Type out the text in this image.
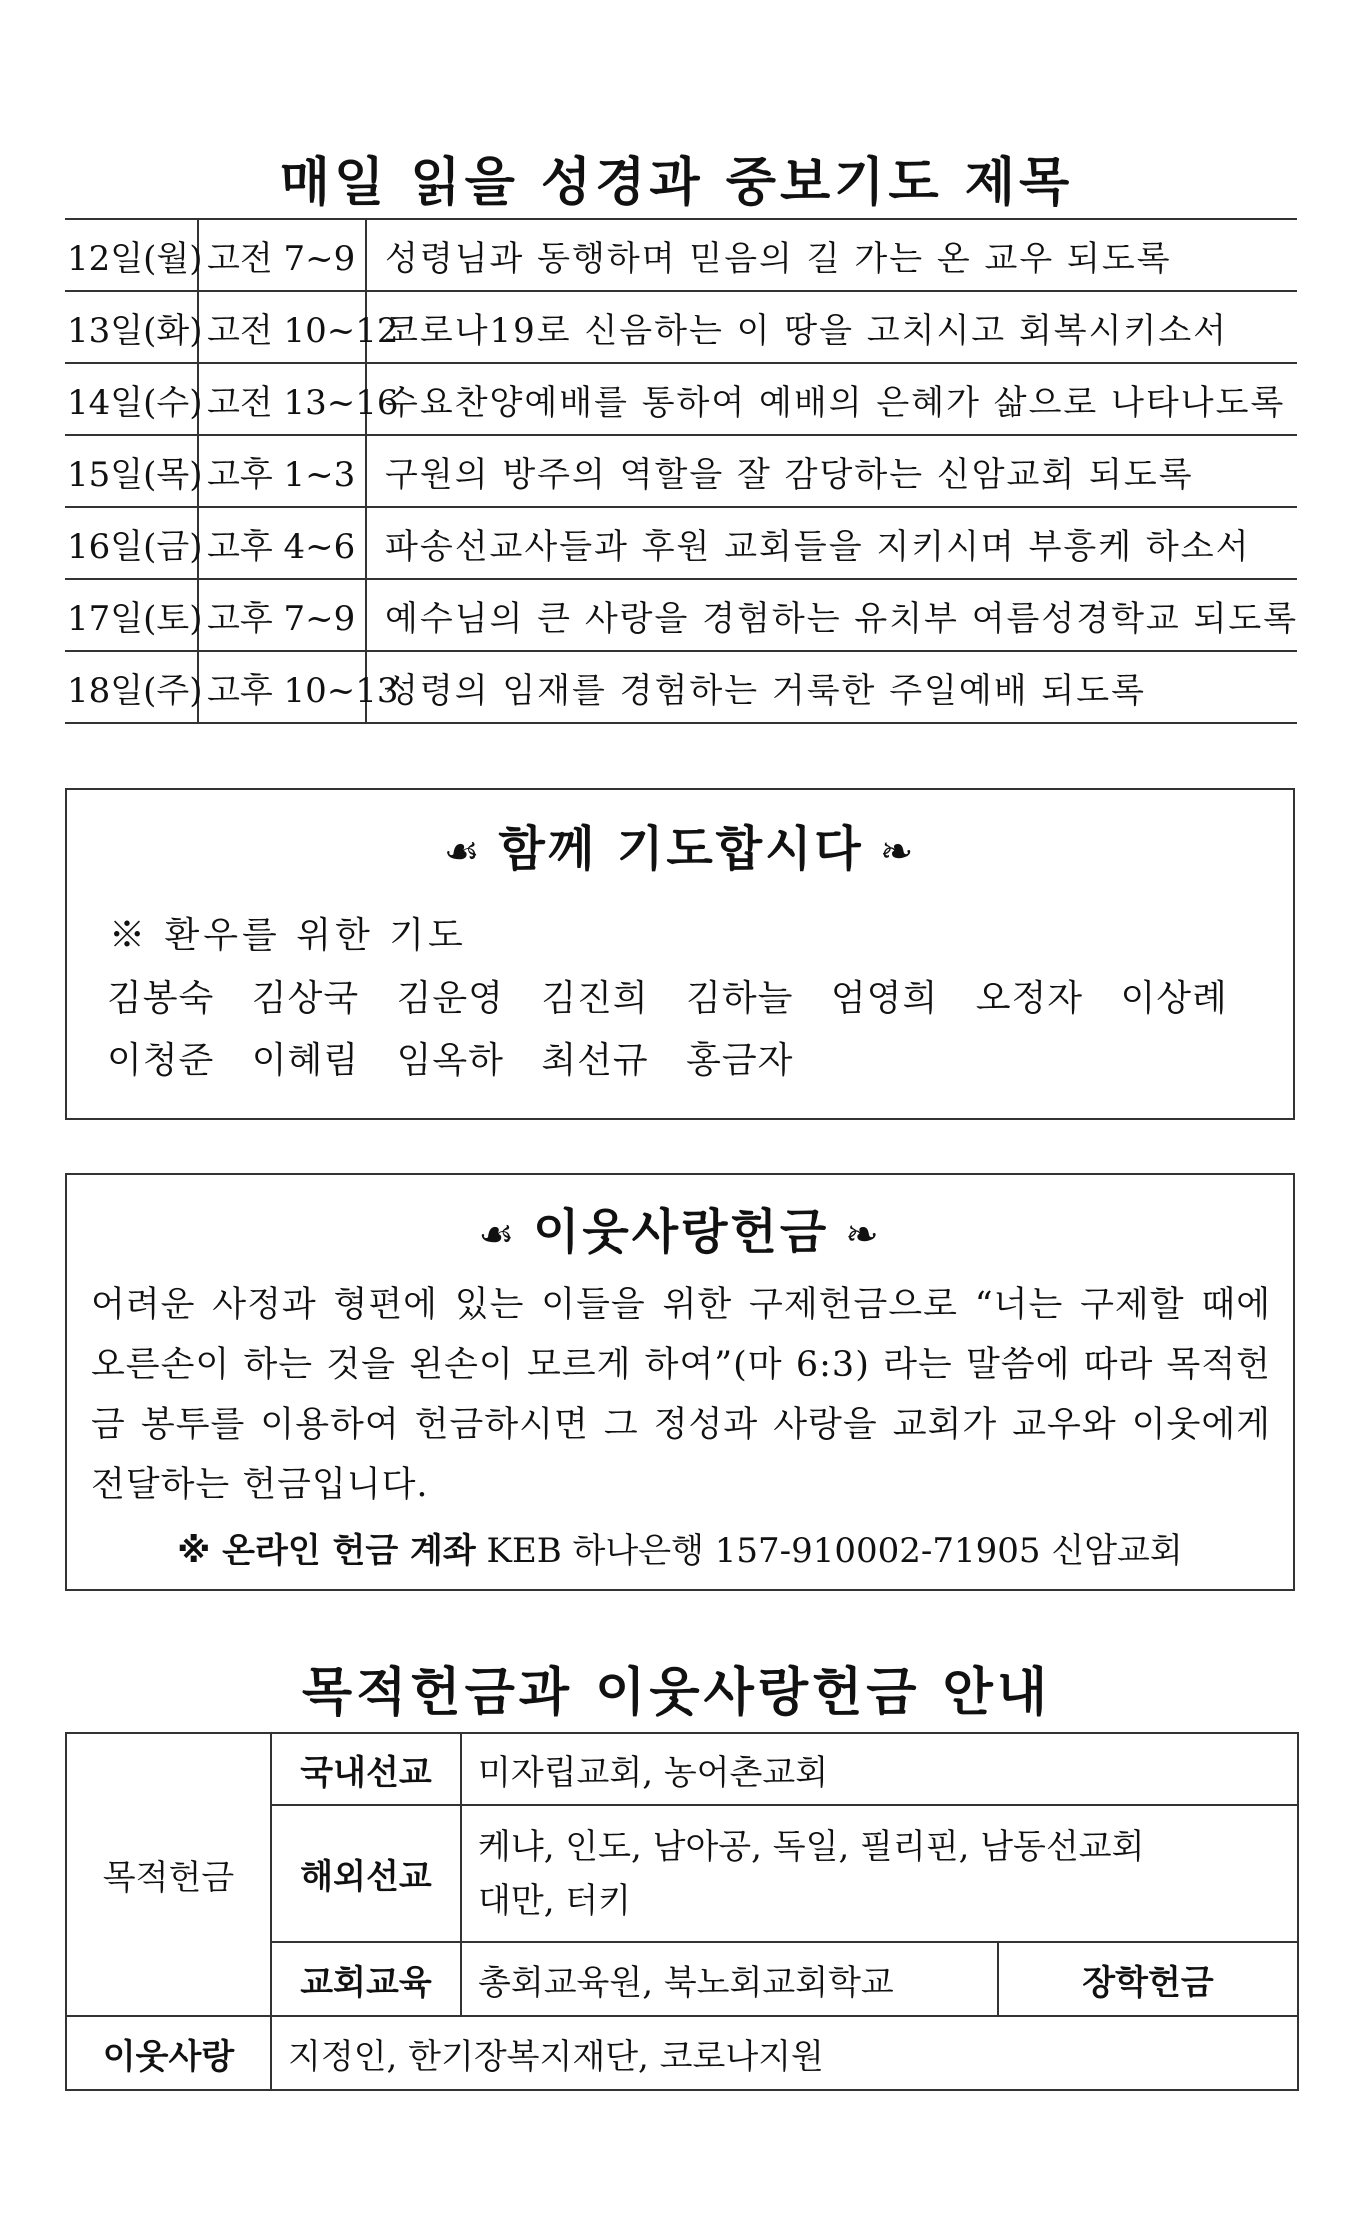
매일 읽을 성경과 중보기도 제목
12일(월)	고전 7~9	성령님과 동행하며 믿음의 길 가는 온 교우 되도록
13일(화)	고전 10~12	코로나19로 신음하는 이 땅을 고치시고 회복시키소서
14일(수)	고전 13~16	수요찬양예배를 통하여 예배의 은혜가 삶으로 나타나도록
15일(목)	고후 1~3	구원의 방주의 역할을 잘 감당하는 신암교회 되도록
16일(금)	고후 4~6	파송선교사들과 후원 교회들을 지키시며 부흥케 하소서
17일(토)	고후 7~9	예수님의 큰 사랑을 경험하는 유치부 여름성경학교 되도록
18일(주)	고후 10~13	성령의 임재를 경험하는 거룩한 주일예배 되도록
☙ 함께 기도합시다 ❧
※ 환우를 위한 기도
김봉숙 김상국 김운영 김진희 김하늘 엄영희 오정자 이상례 이청준 이혜림 임옥하 최선규 홍금자
☙ 이웃사랑헌금 ❧
어려운 사정과 형편에 있는 이들을 위한 구제헌금으로 “너는 구제할 때에 오른손이 하는 것을 왼손이 모르게 하여”(마 6:3) 라는 말씀에 따라 목적헌금 봉투를 이용하여 헌금하시면 그 정성과 사랑을 교회가 교우와 이웃에게 전달하는 헌금입니다.
※ 온라인 헌금 계좌 KEB 하나은행 157-910002-71905 신암교회
목적헌금과 이웃사랑헌금 안내
목적헌금	국내선교	미자립교회, 농어촌교회	
	해외선교	케냐, 인도, 남아공, 독일, 필리핀, 남동선교회
대만, 터키	

	교회교육	총회교육원, 북노회교회학교	장학헌금
이웃사랑	지정인, 한기장복지재단, 코로나지원		
